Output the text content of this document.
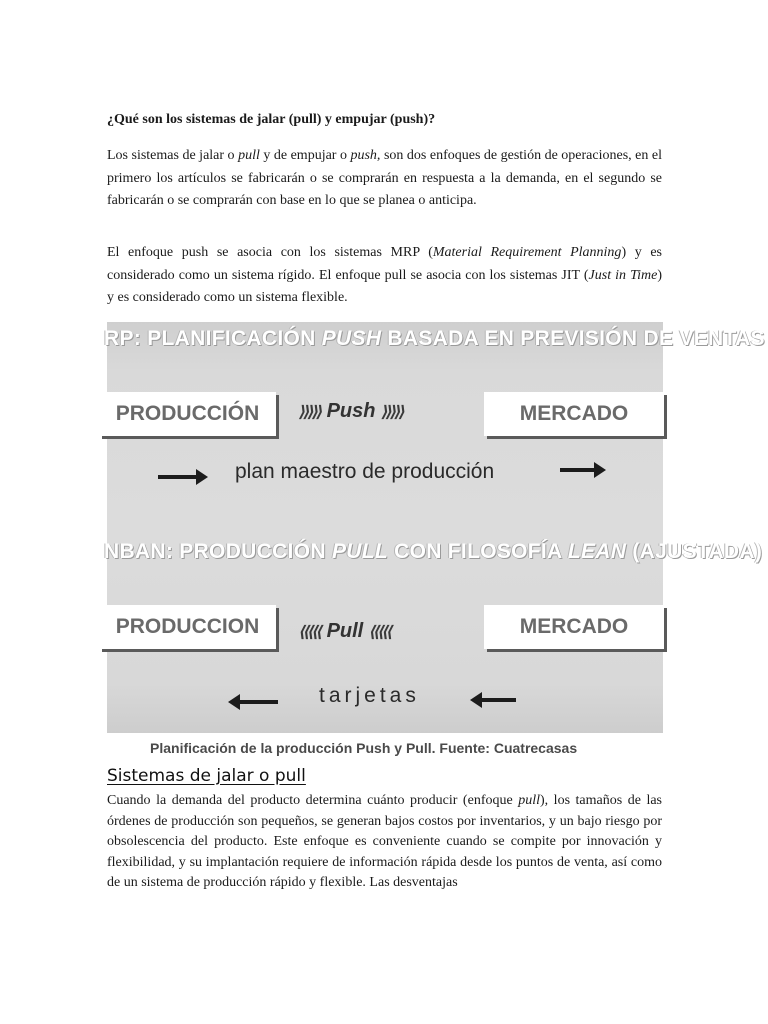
¿Qué son los sistemas de jalar (pull) y empujar (push)?

Los sistemas de jalar o pull y de empujar o push, son dos enfoques de gestión de operaciones, en el primero los artículos se fabricarán o se comprarán en respuesta a la demanda, en el segundo se fabricarán o se comprarán con base en lo que se planea o anticipa.

El enfoque push se asocia con los sistemas MRP (Material Requirement Planning) y es considerado como un sistema rígido. El enfoque pull se asocia con los sistemas JIT (Just in Time) y es considerado como un sistema flexible.

Cuando la demanda del producto determina cuánto producir (enfoque pull), los tamaños de las órdenes de producción son pequeños, se generan bajos costos por inventarios, y un bajo riesgo por obsolescencia del producto. Este enfoque es conveniente cuando se compite por innovación y flexibilidad, y su implantación requiere de información rápida desde los puntos de venta, así como de un sistema de producción rápido y flexible. Las desventajas

RP: PLANIFICACIÓN PUSH BASADA EN PREVISIÓN DE VENTAS
PRODUCCIÓN	⟩⟩⟩⟩⟩ Push ⟩⟩⟩⟩⟩	MERCADO
plan maestro de producción
NBAN: PRODUCCIÓN PULL CON FILOSOFÍA LEAN (AJUSTADA)
PRODUCCION	⟨⟨⟨⟨⟨ Pull ⟨⟨⟨⟨⟨	MERCADO
tarjetas
Planificación de la producción Push y Pull. Fuente: Cuatrecasas
Sistemas de jalar o pull
